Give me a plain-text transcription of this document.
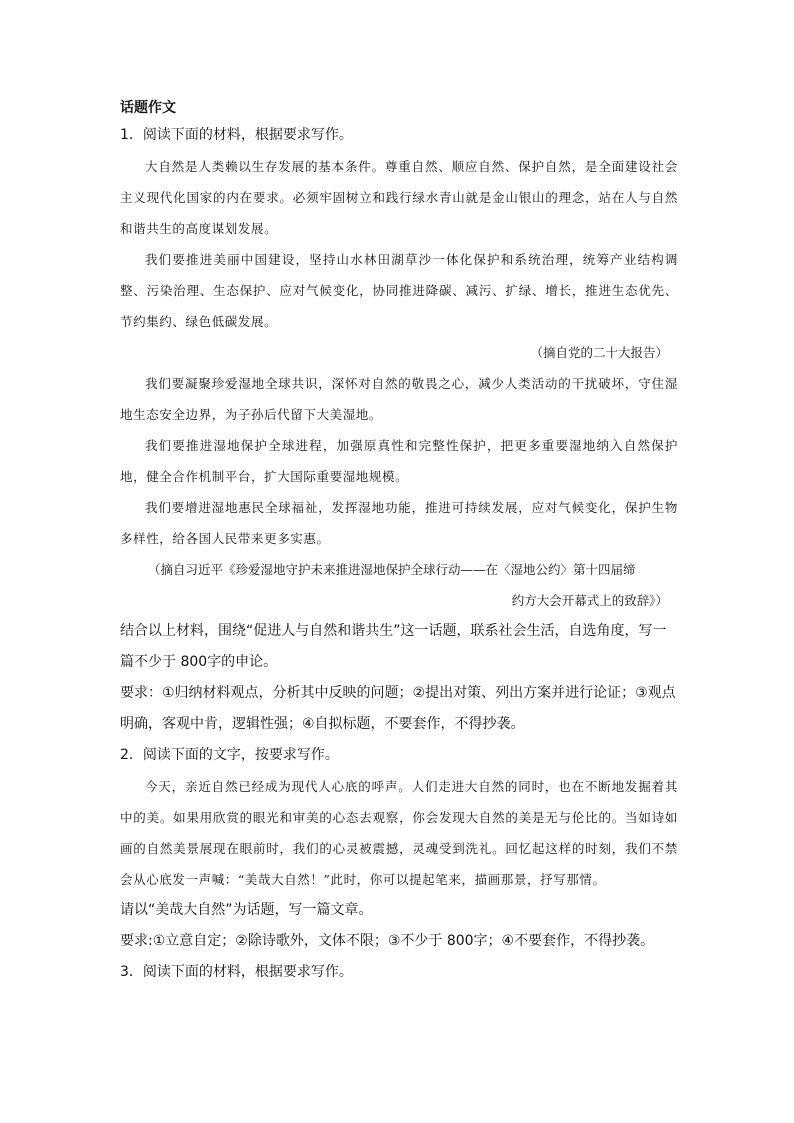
话题作文

1．阅读下面的材料，根据要求写作。

大自然是人类赖以生存发展的基本条件。尊重自然、顺应自然、保护自然，是全面建设社会主义现代化国家的内在要求。必须牢固树立和践行绿水青山就是金山银山的理念，站在人与自然和谐共生的高度谋划发展。

我们要推进美丽中国建设，坚持山水林田湖草沙一体化保护和系统治理，统筹产业结构调整、污染治理、生态保护、应对气候变化，协同推进降碳、减污、扩绿、增长，推进生态优先、节约集约、绿色低碳发展。

（摘自党的二十大报告）

我们要凝聚珍爱湿地全球共识，深怀对自然的敬畏之心，减少人类活动的干扰破坏，守住湿地生态安全边界，为子孙后代留下大美湿地。

我们要推进湿地保护全球进程，加强原真性和完整性保护，把更多重要湿地纳入自然保护地，健全合作机制平台，扩大国际重要湿地规模。

我们要增进湿地惠民全球福祉，发挥湿地功能，推进可持续发展，应对气候变化，保护生物多样性，给各国人民带来更多实惠。

（摘自习近平《珍爱湿地守护未来推进湿地保护全球行动——在〈湿地公约〉第十四届缔
约方大会开幕式上的致辞》）

结合以上材料，围绕“促进人与自然和谐共生”这一话题，联系社会生活，自选角度，写一篇不少于 800字的申论。

要求：①归纳材料观点，分析其中反映的问题；②提出对策、列出方案并进行论证；③观点明确，客观中肯，逻辑性强；④自拟标题，不要套作，不得抄袭。

2．阅读下面的文字，按要求写作。

今天，亲近自然已经成为现代人心底的呼声。人们走进大自然的同时，也在不断地发掘着其中的美。如果用欣赏的眼光和审美的心态去观察，你会发现大自然的美是无与伦比的。当如诗如画的自然美景展现在眼前时，我们的心灵被震撼，灵魂受到洗礼。回忆起这样的时刻，我们不禁会从心底发一声喊：“美哉大自然！”此时，你可以提起笔来，描画那景，抒写那情。

请以“美哉大自然”为话题，写一篇文章。

要求:①立意自定；②除诗歌外，文体不限；③不少于 800字；④不要套作，不得抄袭。

3．阅读下面的材料，根据要求写作。
